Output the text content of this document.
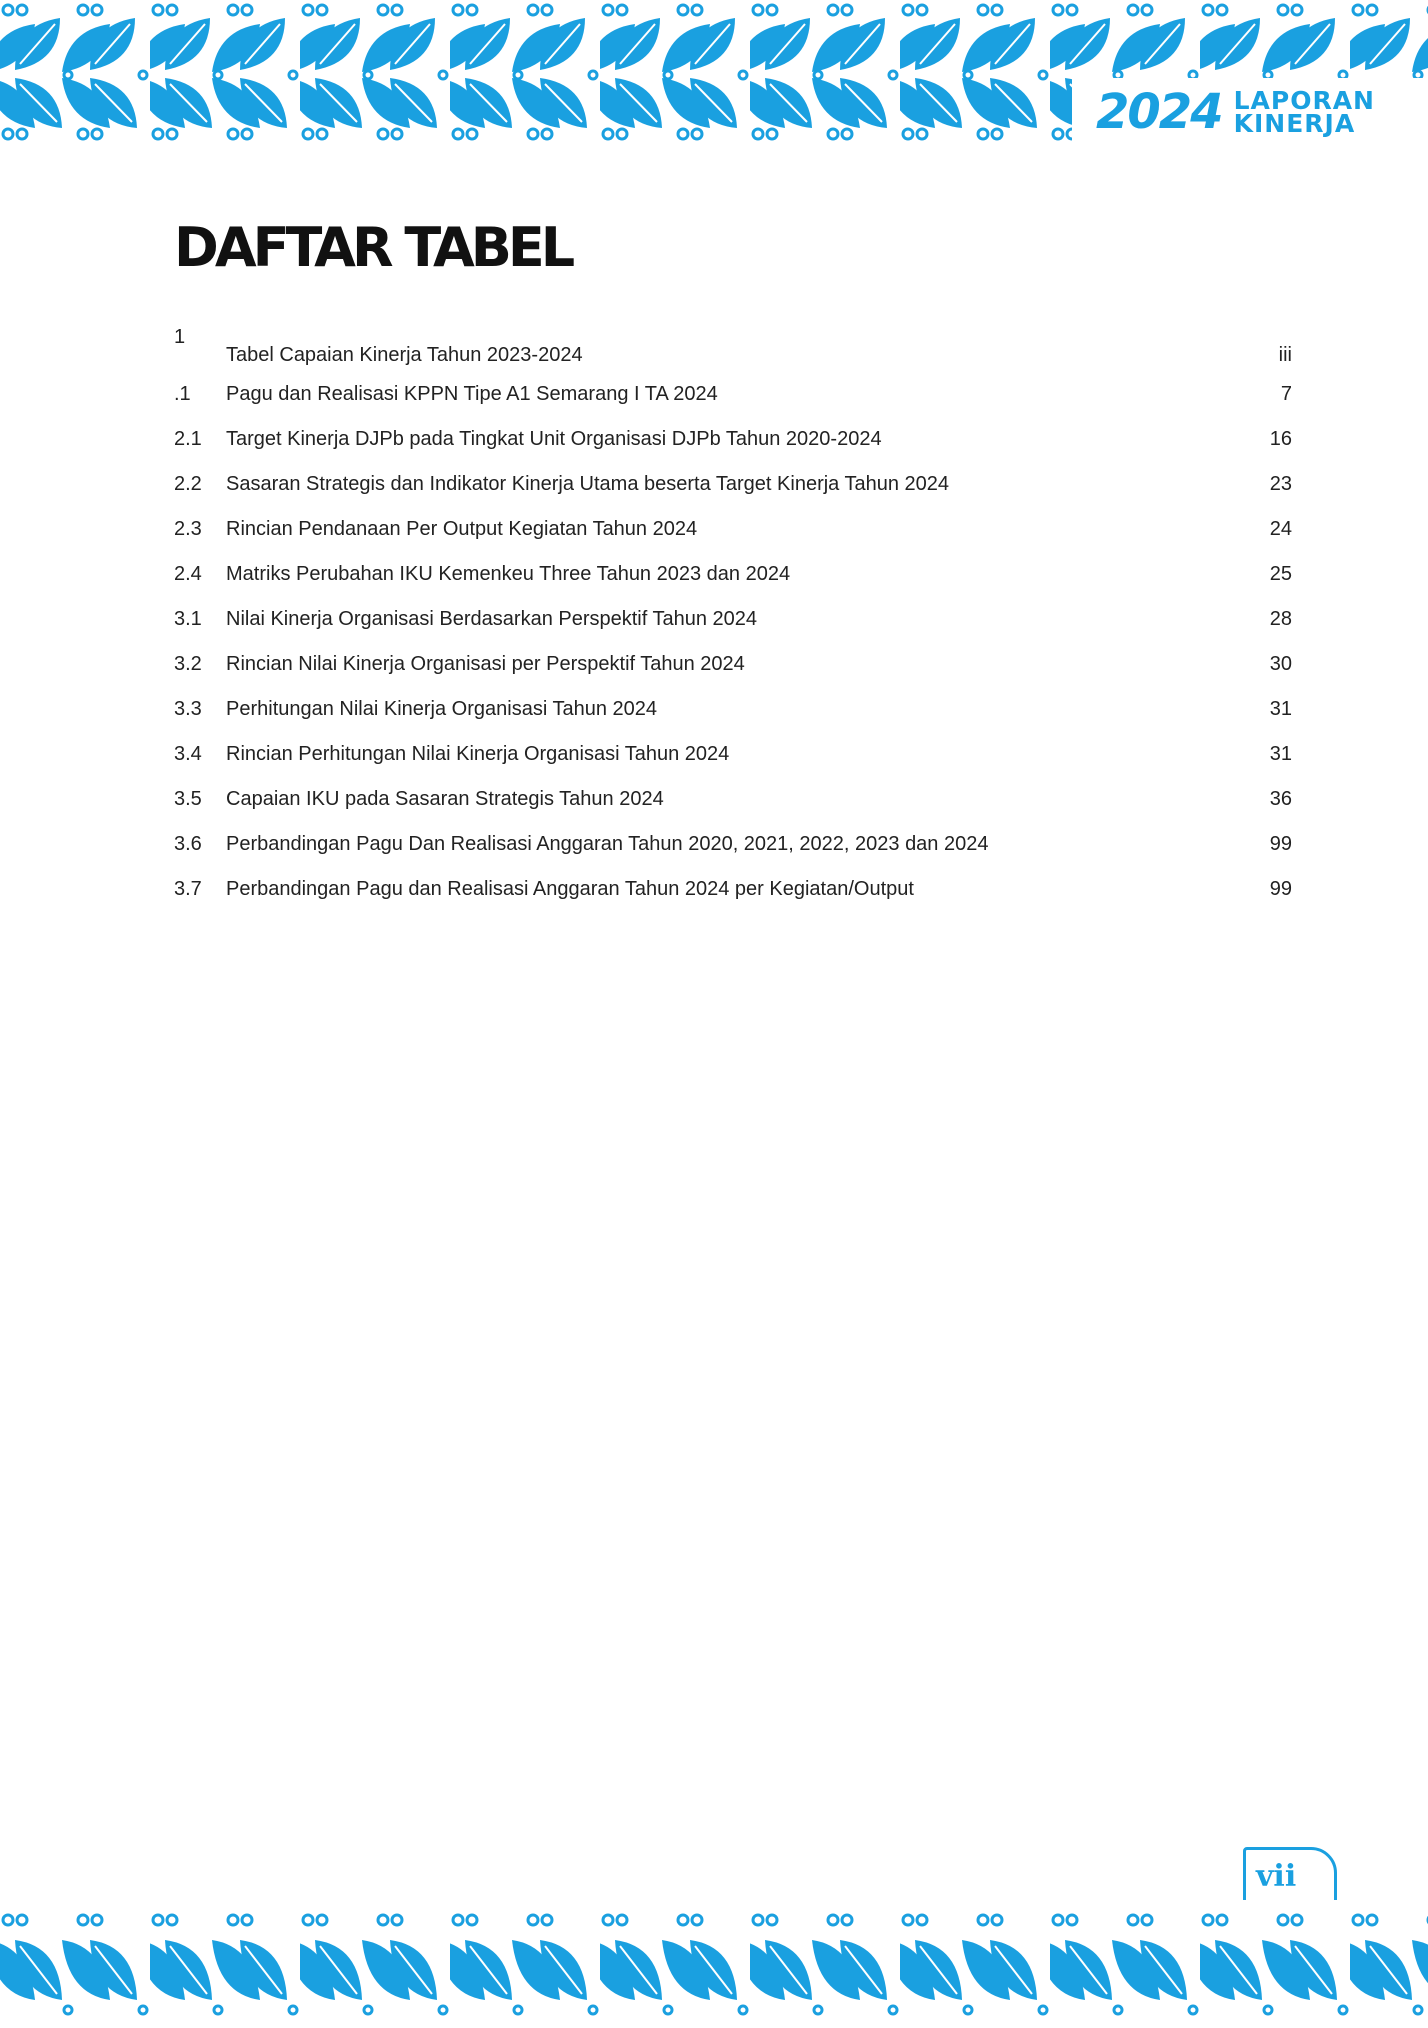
2024 LAPORAN
KINERJA
DAFTAR TABEL
1
Tabel Capaian Kinerja Tahun 2023-2024	iii
.1 Pagu dan Realisasi KPPN Tipe A1 Semarang I TA 2024	7
2.1 Target Kinerja DJPb pada Tingkat Unit Organisasi DJPb Tahun 2020-2024	16
2.2 Sasaran Strategis dan Indikator Kinerja Utama beserta Target Kinerja Tahun 2024	23
2.3 Rincian Pendanaan Per Output Kegiatan Tahun 2024	24
2.4 Matriks Perubahan IKU Kemenkeu Three Tahun 2023 dan 2024	25
3.1 Nilai Kinerja Organisasi Berdasarkan Perspektif Tahun 2024	28
3.2 Rincian Nilai Kinerja Organisasi per Perspektif Tahun 2024	30
3.3 Perhitungan Nilai Kinerja Organisasi Tahun 2024	31
3.4 Rincian Perhitungan Nilai Kinerja Organisasi Tahun 2024	31
3.5 Capaian IKU pada Sasaran Strategis Tahun 2024	36
3.6 Perbandingan Pagu Dan Realisasi Anggaran Tahun 2020, 2021, 2022, 2023 dan 2024	99
3.7 Perbandingan Pagu dan Realisasi Anggaran Tahun 2024 per Kegiatan/Output	99
vii
